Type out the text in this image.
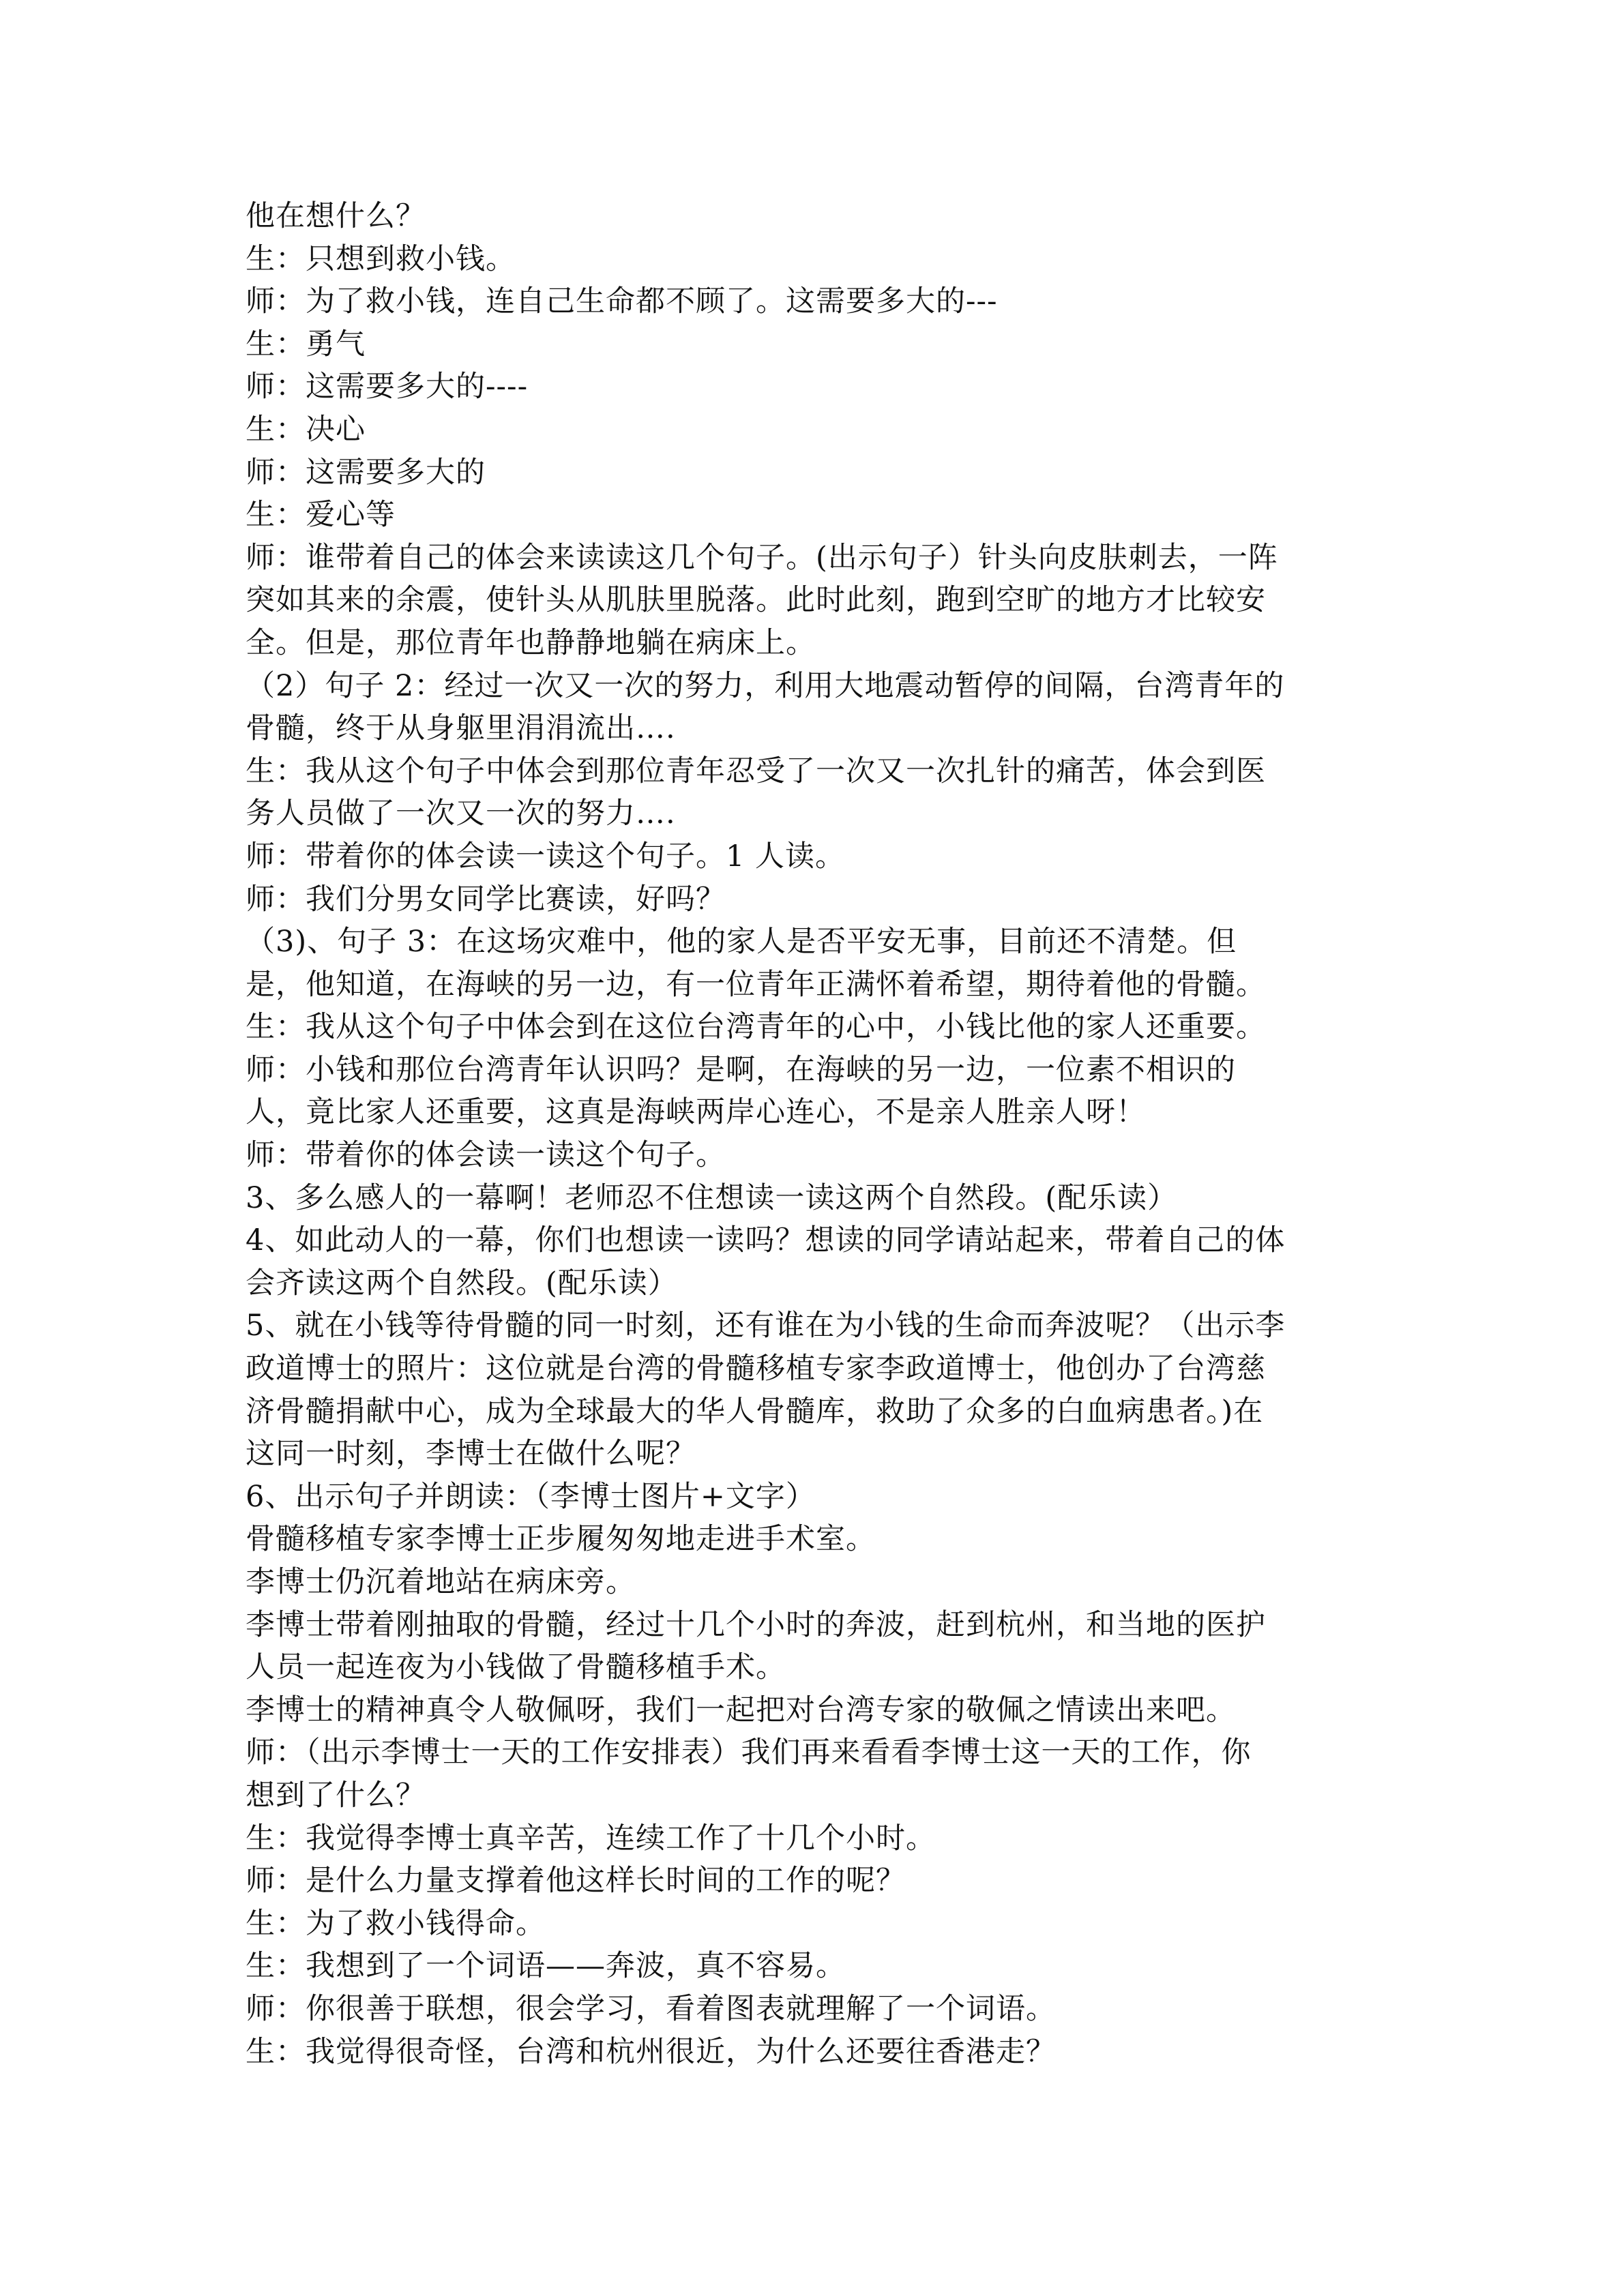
他在想什么？
生：只想到救小钱。
师：为了救小钱，连自己生命都不顾了。这需要多大的---
生：勇气
师：这需要多大的----
生：决心
师：这需要多大的
生：爱心等
师：谁带着自己的体会来读读这几个句子。(出示句子）针头向皮肤刺去，一阵
突如其来的余震，使针头从肌肤里脱落。此时此刻，跑到空旷的地方才比较安
全。但是，那位青年也静静地躺在病床上。
（2）句子 2：经过一次又一次的努力，利用大地震动暂停的间隔，台湾青年的
骨髓，终于从身躯里涓涓流出….
生：我从这个句子中体会到那位青年忍受了一次又一次扎针的痛苦，体会到医
务人员做了一次又一次的努力….
师：带着你的体会读一读这个句子。1 人读。
师：我们分男女同学比赛读，好吗？
（3)、句子 3：在这场灾难中，他的家人是否平安无事，目前还不清楚。但
是，他知道，在海峡的另一边，有一位青年正满怀着希望，期待着他的骨髓。
生：我从这个句子中体会到在这位台湾青年的心中，小钱比他的家人还重要。
师：小钱和那位台湾青年认识吗？是啊，在海峡的另一边，一位素不相识的
人，竟比家人还重要，这真是海峡两岸心连心，不是亲人胜亲人呀！
师：带着你的体会读一读这个句子。
3、多么感人的一幕啊！老师忍不住想读一读这两个自然段。(配乐读）
4、如此动人的一幕，你们也想读一读吗？想读的同学请站起来，带着自己的体
会齐读这两个自然段。(配乐读）
5、就在小钱等待骨髓的同一时刻，还有谁在为小钱的生命而奔波呢？（出示李
政道博士的照片：这位就是台湾的骨髓移植专家李政道博士，他创办了台湾慈
济骨髓捐献中心，成为全球最大的华人骨髓库，救助了众多的白血病患者。)在
这同一时刻，李博士在做什么呢？
6、出示句子并朗读：（李博士图片+文字）
骨髓移植专家李博士正步履匆匆地走进手术室。
李博士仍沉着地站在病床旁。
李博士带着刚抽取的骨髓，经过十几个小时的奔波，赶到杭州，和当地的医护
人员一起连夜为小钱做了骨髓移植手术。
李博士的精神真令人敬佩呀，我们一起把对台湾专家的敬佩之情读出来吧。
师：（出示李博士一天的工作安排表）我们再来看看李博士这一天的工作，你
想到了什么？
生：我觉得李博士真辛苦，连续工作了十几个小时。
师：是什么力量支撑着他这样长时间的工作的呢？
生：为了救小钱得命。
生：我想到了一个词语——奔波，真不容易。
师：你很善于联想，很会学习，看着图表就理解了一个词语。
生：我觉得很奇怪，台湾和杭州很近，为什么还要往香港走？
